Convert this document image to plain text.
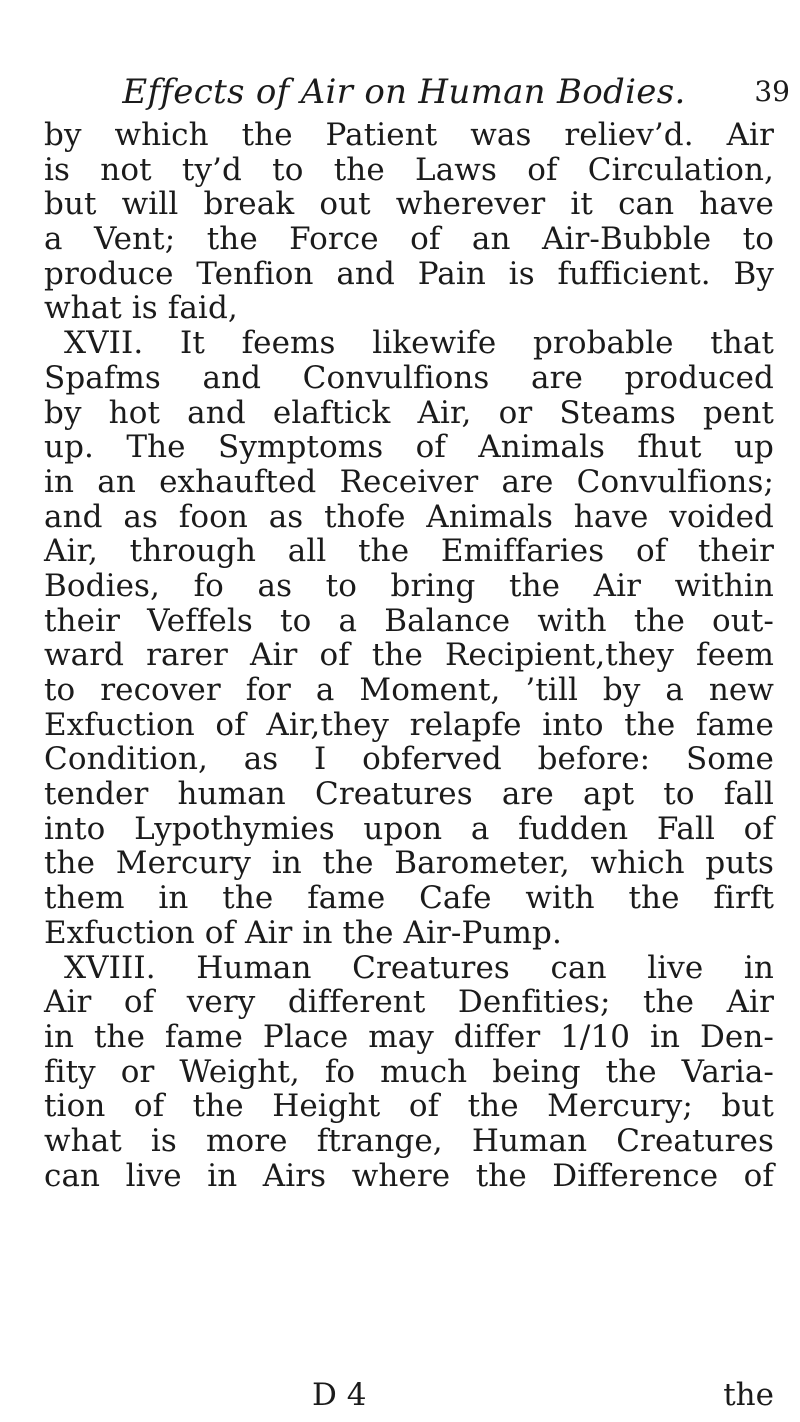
Effects of Air on Human Bodies.	39
by which the Patient was reliev’d. Air
is not ty’d to the Laws of Circulation,
but will break out wherever it can have
a Vent; the Force of an Air-Bubble to
produce Tenfion and Pain is fufficient. By
what is faid,
XVII. It feems likewife probable that
Spafms and Convulfions are produced
by hot and elaftick Air, or Steams pent
up. The Symptoms of Animals fhut up
in an exhaufted Receiver are Convulfions;
and as foon as thofe Animals have voided
Air, through all the Emiffaries of their
Bodies, fo as to bring the Air within
their Veffels to a Balance with the out-
ward rarer Air of the Recipient,they feem
to recover for a Moment, ’till by a new
Exfuction of Air,they relapfe into the fame
Condition, as I obferved before: Some
tender human Creatures are apt to fall
into Lypothymies upon a fudden Fall of
the Mercury in the Barometer, which puts
them in the fame Cafe with the firft
Exfuction of Air in the Air-Pump.
XVIII. Human Creatures can live in
Air of very different Denfities; the Air
in the fame Place may differ 1/10 in Den-
fity or Weight, fo much being the Varia-
tion of the Height of the Mercury; but
what is more ftrange, Human Creatures
can live in Airs where the Difference of
D 4	the
